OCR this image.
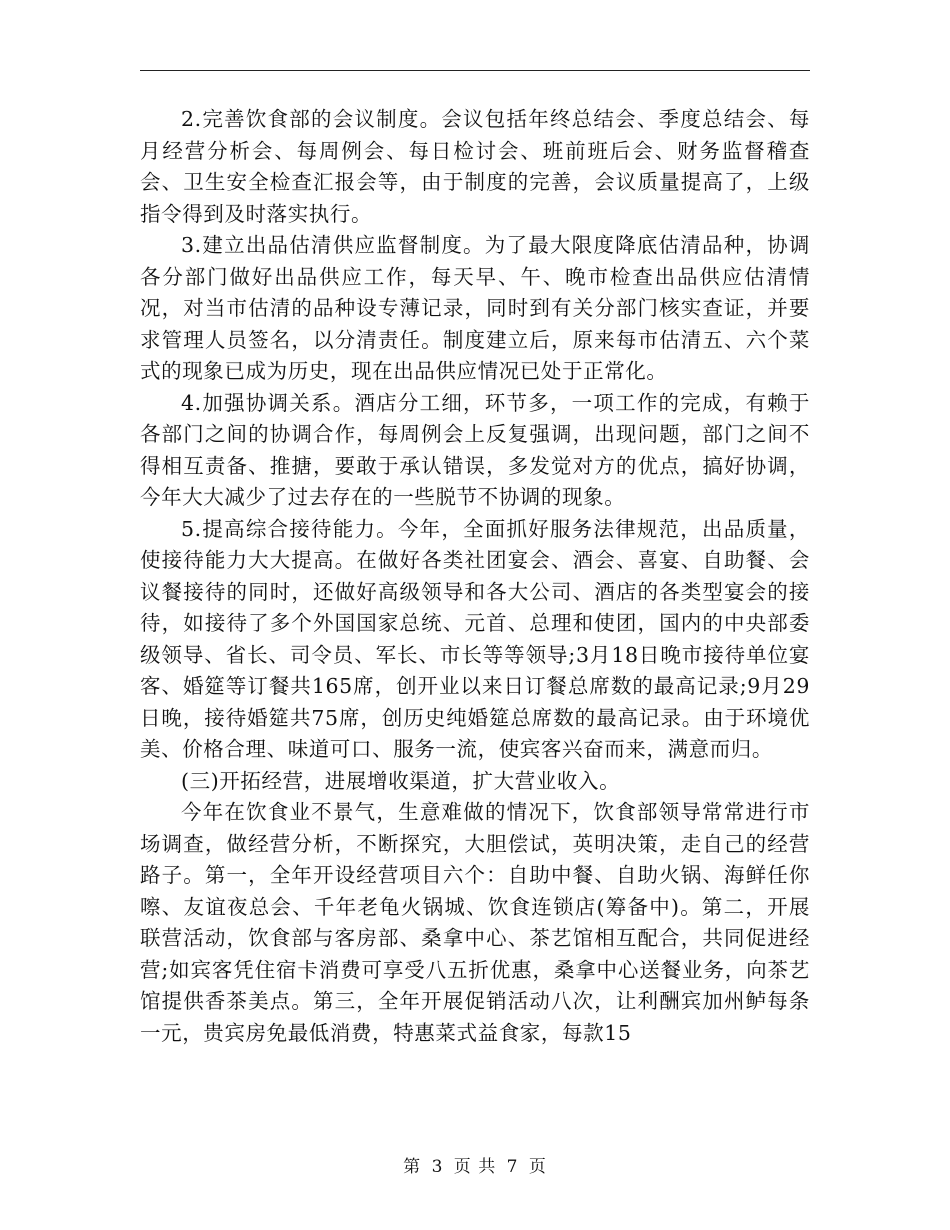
2.完善饮食部的会议制度。会议包括年终总结会、季度总结会、每月经营分析会、每周例会、每日检讨会、班前班后会、财务监督稽查会、卫生安全检查汇报会等，由于制度的完善，会议质量提高了，上级指令得到及时落实执行。

3.建立出品估清供应监督制度。为了最大限度降底估清品种，协调各分部门做好出品供应工作，每天早、午、晚市检查出品供应估清情况，对当市估清的品种设专薄记录，同时到有关分部门核实查证，并要求管理人员签名，以分清责任。制度建立后，原来每市估清五、六个菜式的现象已成为历史，现在出品供应情况已处于正常化。

4.加强协调关系。酒店分工细，环节多，一项工作的完成，有赖于各部门之间的协调合作，每周例会上反复强调，出现问题，部门之间不得相互责备、推搪，要敢于承认错误，多发觉对方的优点，搞好协调，今年大大减少了过去存在的一些脱节不协调的现象。

5.提高综合接待能力。今年，全面抓好服务法律规范，出品质量，使接待能力大大提高。在做好各类社团宴会、酒会、喜宴、自助餐、会议餐接待的同时，还做好高级领导和各大公司、酒店的各类型宴会的接待，如接待了多个外国国家总统、元首、总理和使团，国内的中央部委级领导、省长、司令员、军长、市长等等领导;3月18日晚市接待单位宴客、婚筵等订餐共165席，创开业以来日订餐总席数的最高记录;9月29日晚，接待婚筵共75席，创历史纯婚筵总席数的最高记录。由于环境优美、价格合理、味道可口、服务一流，使宾客兴奋而来，满意而归。

(三)开拓经营，进展增收渠道，扩大营业收入。

今年在饮食业不景气，生意难做的情况下，饮食部领导常常进行市场调查，做经营分析，不断探究，大胆偿试，英明决策，走自己的经营路子。第一，全年开设经营项目六个：自助中餐、自助火锅、海鲜任你嚓、友谊夜总会、千年老龟火锅城、饮食连锁店(筹备中)。第二，开展联营活动，饮食部与客房部、桑拿中心、茶艺馆相互配合，共同促进经营;如宾客凭住宿卡消费可享受八五折优惠，桑拿中心送餐业务，向茶艺馆提供香茶美点。第三，全年开展促销活动八次，让利酬宾加州鲈每条一元，贵宾房免最低消费，特惠菜式益食家，每款15

第 3 页 共 7 页
